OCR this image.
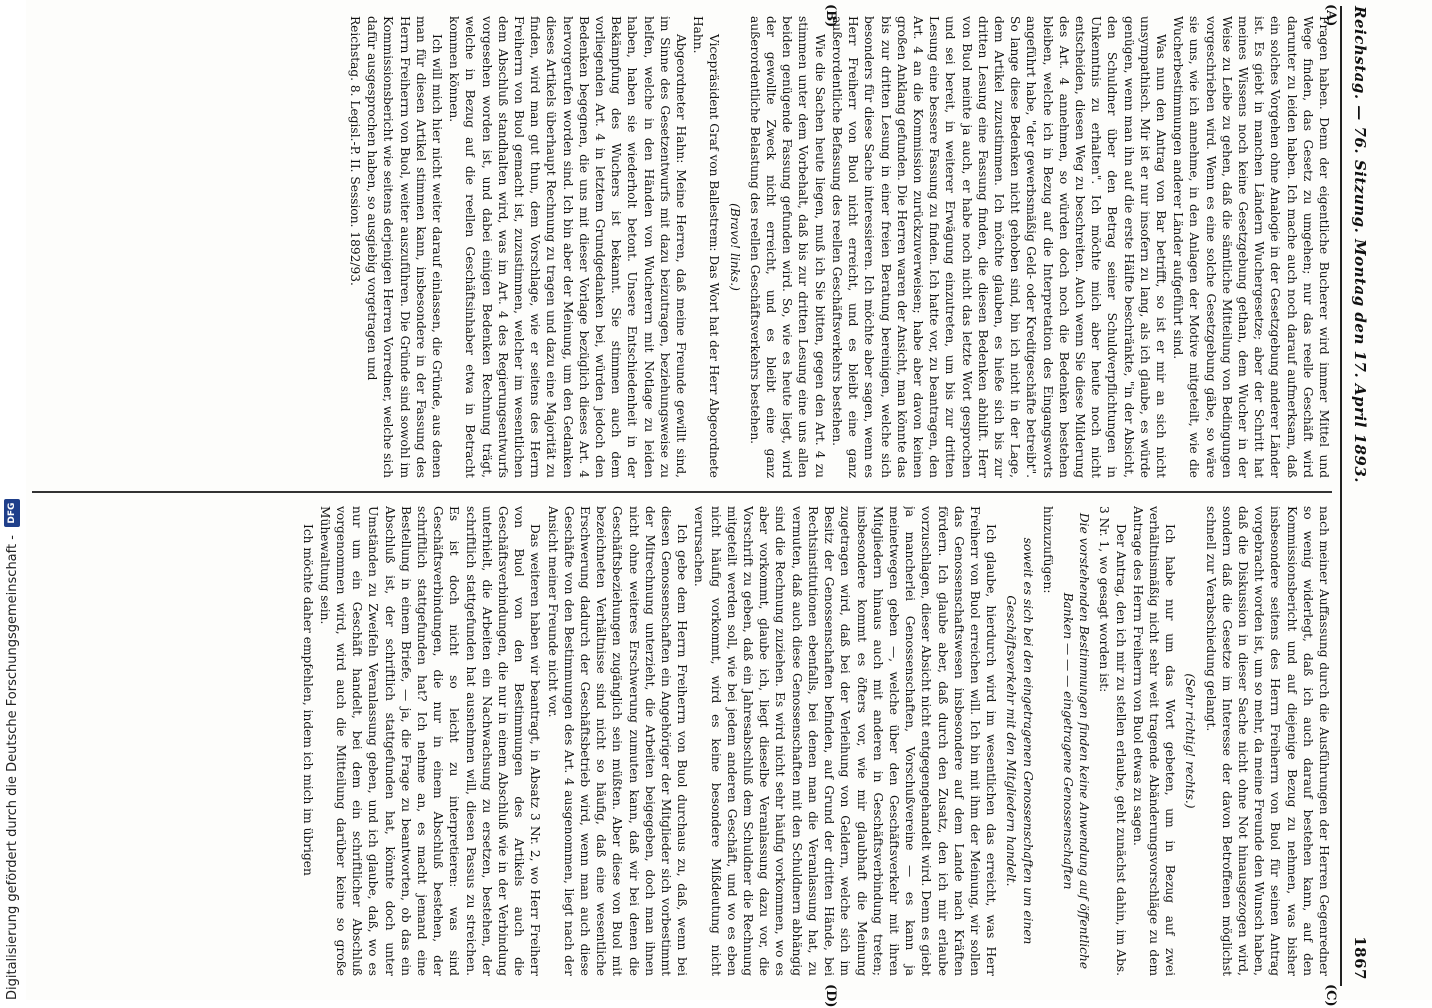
Reichstag. — 76. Sitzung. Montag den 17. April 1893.
1867
(A)
(B)
(C)
(D)

Fragen haben. Denn der eigentliche Bucherer wird immer Mittel und Wege finden, das Gesetz zu umgehen; nur das reelle Geschäft wird darunter zu leiden haben. Ich mache auch noch darauf aufmerksam, daß ein solches Vorgehen ohne Analogie in der Gesetzgebung anderer Länder ist. Es giebt in manchen Ländern Wuchergesetze; aber der Schritt hat meines Wissens noch keine Gesetzgebung gethan, dem Wucher in der Weise zu Leibe zu gehen, daß die sämtliche Mitteilung von Bedingungen vorgeschrieben wird. Wenn es eine solche Gesetzgebung gäbe, so wäre sie uns, wie ich annehme, in den Anlagen der Motive mitgeteilt, wie die Wucherbestimmungen anderer Länder aufgeführt sind.

Was nun den Antrag von Bar betrifft, so ist er mir an sich nicht unsympathisch. Mir ist er nur insofern zu lang, als ich glaube, es würde genügen, wenn man ihn auf die erste Hälfte beschränkte, "in der Absicht, den Schuldner über den Betrag seiner Schuldverpflichtungen in Unkenntnis zu erhalten". Ich möchte mich aber heute noch nicht entscheiden, diesen Weg zu beschreiten. Auch wenn Sie diese Milderung des Art. 4 annehmen, so würden doch noch die Bedenken bestehen bleiben, welche ich in Bezug auf die Interpretation des Eingangsworts angeführt habe, "der gewerbsmäßig Geld- oder Kreditgeschäfte betreibt". So lange diese Bedenken nicht gehoben sind, bin ich nicht in der Lage, dem Artikel zuzustimmen. Ich möchte glauben, es hieße sich bis zur dritten Lesung eine Fassung finden, die diesen Bedenken abhilft. Herr von Buol meinte ja auch, er habe noch nicht das letzte Wort gesprochen und sei bereit, in weiterer Erwägung einzutreten, um bis zur dritten Lesung eine bessere Fassung zu finden. Ich hatte vor, zu beantragen, den Art. 4 an die Kommission zurückzuverweisen; habe aber davon keinen großen Anklang gefunden. Die Herren waren der Ansicht, man könnte das bis zur dritten Lesung in einer freien Beratung bereinigen, welche sich besonders für diese Sache interessieren. Ich möchte aber sagen, wenn es Herr Freiherr von Buol nicht erreicht, und es bleibt eine ganz außerordentliche Befassung des reellen Geschäftsverkehrs bestehen.

Wie die Sachen heute liegen, muß ich Sie bitten, gegen den Art. 4 zu stimmen unter dem Vorbehalt, daß bis zur dritten Lesung eine uns allen beiden genügende Fassung gefunden wird. So, wie es heute liegt, wird der gewollte Zweck nicht erreicht, und es bleibt eine ganz außerordentliche Belastung des reellen Geschäftsverkehrs bestehen.

(Bravo! links.)

Vicepräsident Graf von Ballestrem: Das Wort hat der Herr Abgeordnete Hahn.

Abgeordneter Hahn: Meine Herren, daß meine Freunde gewillt sind, im Sinne des Gesetzentwurfs mit dazu beizutragen, beziehungsweise zu helfen, welche in den Händen von Wucherern mit Notlage zu leiden haben, haben sie wiederholt betont. Unsere Entschiedenheit in der Bekämpfung des Wuchers ist bekannt. Sie stimmen auch dem vorliegenden Art. 4 in letztem Grundgedanken bei, würden jedoch den Bedenken begegnen, die uns mit dieser Vorlage bezüglich dieses Art. 4 hervorgerufen worden sind. Ich bin aber der Meinung, um den Gedanken dieses Artikels überhaupt Rechnung zu tragen und dazu eine Majorität zu finden, wird man gut thun, dem Vorschlage, wie er seitens des Herrn Freiherrn von Buol gemacht ist, zuzustimmen, welcher im wesentlichen dem Abschluß standhalten wird, was im Art. 4 des Regierungsentwurfs vorgesehen worden ist, und dabei einigen Bedenken Rechnung trägt, welche in Bezug auf die reellen Geschäftsinhaber etwa in Betracht kommen können.

Ich will mich hier nicht weiter darauf einlassen, die Gründe, aus denen man für diesen Artikel stimmen kann, insbesondere in der Fassung des Herrn Freiherrn von Buol, weiter auszuführen. Die Gründe sind sowohl im Kommissionsbericht wie seitens derjenigen Herren Vorredner, welche sich dafür ausgesprochen haben, so ausgiebig vorgetragen und

Reichstag. 8. Legisl.-P. II. Session. 1892/93.

nach meiner Auffassung durch die Ausführungen der Herren Gegenredner so wenig widerlegt, daß ich auch darauf bestehen kann, auf den Kommissionsbericht und auf diejenige Bezug zu nehmen, was bisher insbesondere seitens des Herrn Freiherrn von Buol für seinen Antrag vorgebracht worden ist, um so mehr, da meine Freunde den Wunsch haben, daß die Diskussion in dieser Sache nicht ohne Not hinausgezogen wird, sondern daß die Gesetze im Interesse der davon Betroffenen möglichst schnell zur Verabschiedung gelangt.

(Sehr richtig! rechts.)

Ich habe nur um das Wort gebeten, um in Bezug auf zwei verhältnismäßig nicht sehr weit tragende Abänderungsvorschläge zu dem Antrage des Herrn Freiherrn von Buol etwas zu sagen.

Der Antrag, den ich mir zu stellen erlaube, geht zunächst dahin, im Abs. 3 Nr. 1, wo gesagt worden ist:

Die vorstehenden Bestimmungen finden keine Anwendung auf öffentliche Banken — — — eingetragene Genossenschaften

hinzuzufügen:

soweit es sich bei den eingetragenen Genossenschaften um einen Geschäftsverkehr mit den Mitgliedern handelt.

Ich glaube, hierdurch wird im wesentlichen das erreicht, was Herr Freiherr von Buol erreichen will. Ich bin mit ihm der Meinung, wir sollen das Genossenschaftswesen insbesondere auf dem Lande nach Kräften fördern. Ich glaube aber, daß durch den Zusatz, den ich mir erlaube vorzuschlagen, dieser Absicht nicht entgegengehandelt wird. Denn es giebt ja mancherlei Genossenschaften, Vorschußvereine — es kann ja meinetwegen geben —, welche über den Geschäftsverkehr mit ihren Mitgliedern hinaus auch mit anderen in Geschäftsverbindung treten; insbesondere kommt es öfters vor, wie mir glaubhaft die Meinung zugetragen wird, daß bei der Verleihung von Geldern, welche sich im Besitz der Genossenschaften befinden, auf Grund der dritten Hände, bei Rechtsinstitutionen ebenfalls, bei denen man die Veranlassung hat, zu vermuten, daß auch diese Genossenschaften mit den Schuldnern abhängig sind die Rechnung zuziehen. Es wird nicht sehr häufig vorkommen, wo es aber vorkommt, glaube ich, liegt dieselbe Veranlassung dazu vor, die Vorschrift zu geben, daß ein Jahresabschluß dem Schuldner die Rechnung mitgeteilt werden soll, wie bei jedem anderen Geschäft, und wo es eben nicht häufig vorkommt, wird es keine besondere Mißdeutung nicht verursachen.

Ich gebe dem Herrn Freiherrn von Buol durchaus zu, daß, wenn bei diesen Genossenschaften ein Angehöriger der Mitglieder sich vorbestimmt der Mitrechnung unterzieht, die Arbeiten beigegeben, doch man ihnen nicht ohne weiteres Erschwerung zumuten kann, daß wir bei denen die Geschäftsbeziehungen zugänglich sein müßten. Aber diese von Buol mit bezeichneten Verhältnisse sind nicht so häufig, daß eine wesentliche Erschwerung dadurch der Geschäftsbetrieb wird, wenn man auch diese Geschäfte von den Bestimmungen des Art. 4 ausgenommen, liegt nach der Ansicht meiner Freunde nicht vor.

Das weiteren haben wir beantragt, in Absatz 3 Nr. 2, wo Herr Freiherr von Buol von den Bestimmungen des Artikels auch die Geschäftsverbindungen, die nur in einem Abschluß wie in der Verbindung unterhielt, die Arbeiten ein Nachwachsung zu ersetzen, bestehen, der schriftlich stattgefunden hat ausnehmen will, diesen Passus zu streichen. Es ist doch nicht so leicht zu interpretieren: was sind Geschäftsverbindungen, die nur in einem Abschluß bestehen, der schriftlich stattgefunden hat? Ich nehme an, es macht jemand eine Bestellung in einem Briefe, — ja, die Frage zu beantworten, ob das ein Abschluß ist, der schriftlich stattgefunden hat, könnte doch unter Umständen zu Zweifeln Veranlassung geben, und ich glaube, daß, wo es nur um ein Geschäft handelt, bei dem ein schriftlicher Abschluß vorgenommen wird, wird auch die Mitteilung darüber keine so große Mühewaltung sein.

Ich möchte daher empfehlen, indem ich mich im übrigen

Digitalisierung gefördert durch die Deutsche Forschungsgemeinschaft -
DFG
